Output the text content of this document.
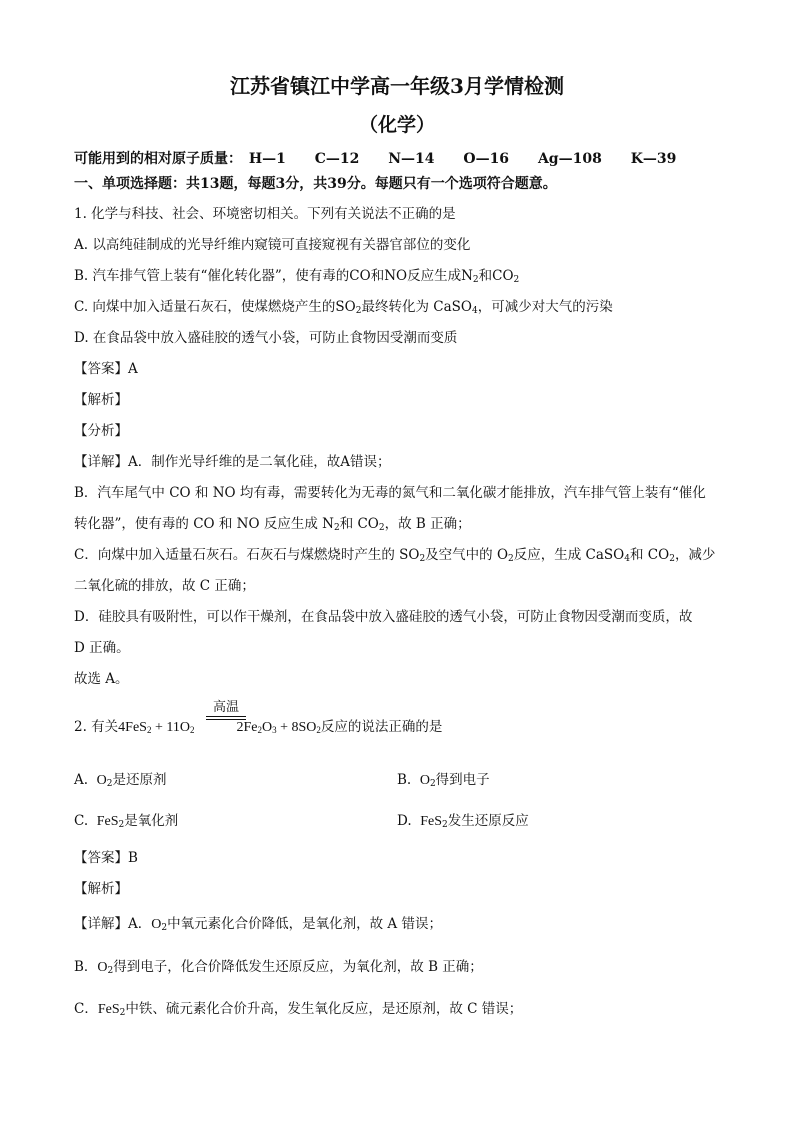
江苏省镇江中学高一年级3月学情检测
（化学）
可能用到的相对原子质量： H—1 C—12 N—14 O—16 Ag—108 K—39
一、单项选择题：共13题，每题3分，共39分。每题只有一个选项符合题意。
1. 化学与科技、社会、环境密切相关。下列有关说法不正确的是
A. 以高纯硅制成的光导纤维内窥镜可直接窥视有关器官部位的变化
B. 汽车排气管上装有“催化转化器”，使有毒的CO和NO反应生成$N_2$和$CO_2$
C. 向煤中加入适量石灰石，使煤燃烧产生的$SO_2$最终转化为 CaSO$_4$，可减少对大气的污染
D. 在食品袋中放入盛硅胶的透气小袋，可防止食物因受潮而变质
【答案】A
【解析】
【分析】
【详解】A．制作光导纤维的是二氧化硅，故A错误；
B．汽车尾气中 CO 和 NO 均有毒，需要转化为无毒的氮气和二氧化碳才能排放，汽车排气管上装有“催化
转化器”，使有毒的 CO 和 NO 反应生成 $N_2$和 $CO_2$，故 B 正确；
C．向煤中加入适量石灰石。石灰石与煤燃烧时产生的 $SO_2$及空气中的 $O_2$反应，生成 CaSO$_4$和 $CO_2$，减少
二氧化硫的排放，故 C 正确；
D．硅胶具有吸附性，可以作干燥剂，在食品袋中放入盛硅胶的透气小袋，可防止食物因受潮而变质，故
D 正确。
故选 A。
高温
2. 有关$4FeS_2 + 11O_2$	$2Fe_2O_3 + 8SO_2$反应的说法正确的是
A. $O_2$是还原剂	B. $O_2$得到电子
C. FeS$_2$是氧化剂	D. FeS$_2$发生还原反应
【答案】B
【解析】
【详解】A．$O_2$中氧元素化合价降低，是氧化剂，故 A 错误；
B．$O_2$得到电子，化合价降低发生还原反应，为氧化剂，故 B 正确；
C．FeS$_2$中铁、硫元素化合价升高，发生氧化反应，是还原剂，故 C 错误；
